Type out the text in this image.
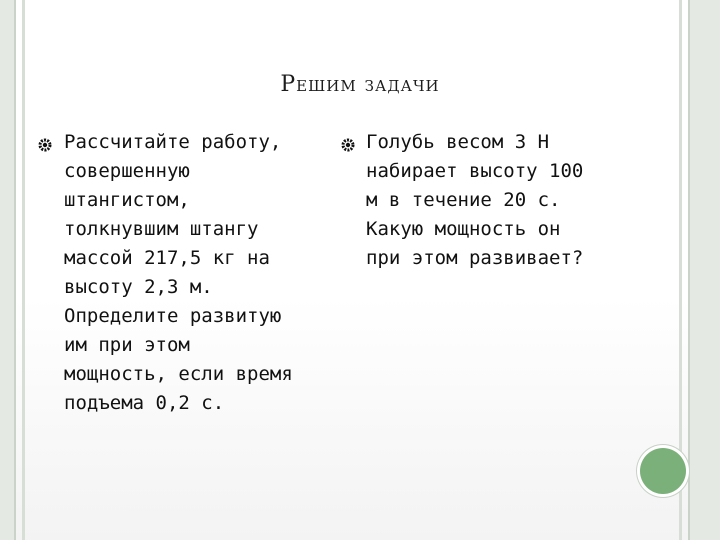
Решим задачи
Рассчитайте работу,
совершенную
штангистом,
толкнувшим штангу
массой 217,5 кг на
высоту 2,3 м.
Определите развитую
им при этом
мощность, если время
подъема 0,2 с.
Голубь весом 3 Н
набирает высоту 100
м в течение 20 с.
Какую мощность он
при этом развивает?
